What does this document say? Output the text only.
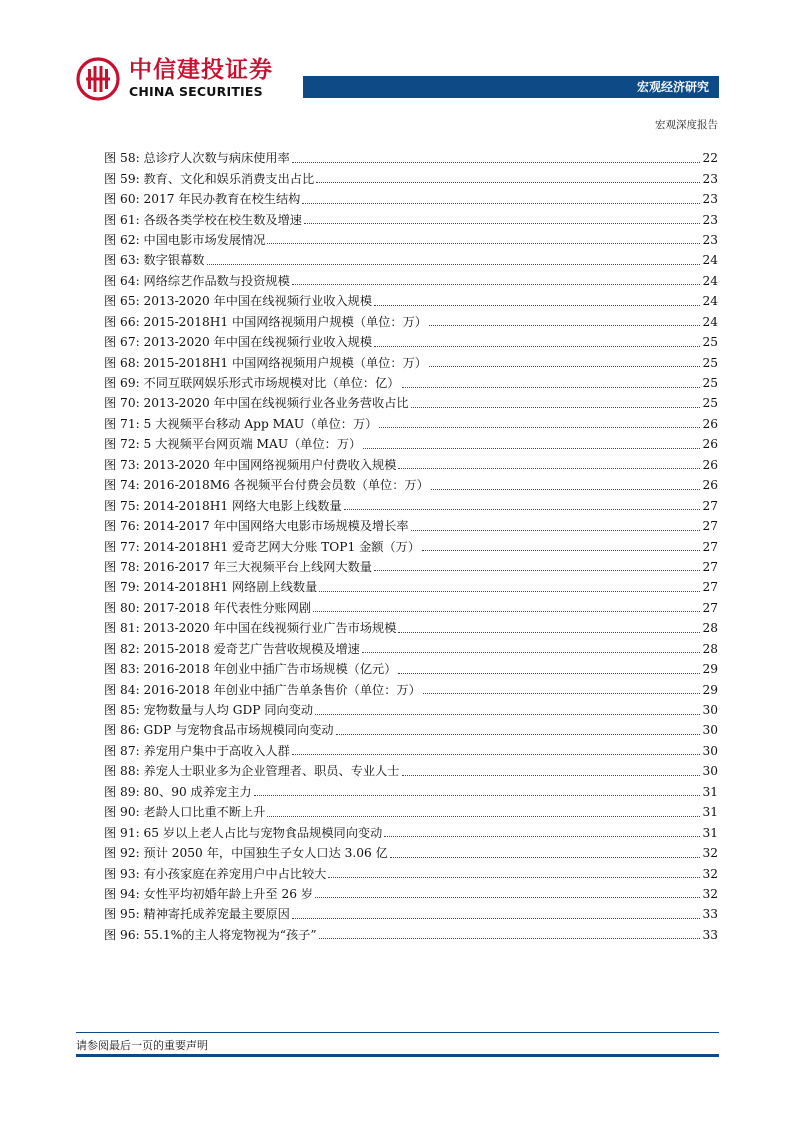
中信建投证券
CHINA SECURITIES	宏观经济研究
宏观深度报告
图 58: 总诊疗人次数与病床使用率	22
图 59: 教育、文化和娱乐消费支出占比	23
图 60: 2017 年民办教育在校生结构	23
图 61: 各级各类学校在校生数及增速	23
图 62: 中国电影市场发展情况	23
图 63: 数字银幕数	24
图 64: 网络综艺作品数与投资规模	24
图 65: 2013-2020 年中国在线视频行业收入规模	24
图 66: 2015-2018H1 中国网络视频用户规模（单位：万）	24
图 67: 2013-2020 年中国在线视频行业收入规模	25
图 68: 2015-2018H1 中国网络视频用户规模（单位：万）	25
图 69: 不同互联网娱乐形式市场规模对比（单位：亿）	25
图 70: 2013-2020 年中国在线视频行业各业务营收占比	25
图 71: 5 大视频平台移动 App MAU（单位：万）	26
图 72: 5 大视频平台网页端 MAU（单位：万）	26
图 73: 2013-2020 年中国网络视频用户付费收入规模	26
图 74: 2016-2018M6 各视频平台付费会员数（单位：万）	26
图 75: 2014-2018H1 网络大电影上线数量	27
图 76: 2014-2017 年中国网络大电影市场规模及增长率	27
图 77: 2014-2018H1 爱奇艺网大分账 TOP1 金额（万）	27
图 78: 2016-2017 年三大视频平台上线网大数量	27
图 79: 2014-2018H1 网络剧上线数量	27
图 80: 2017-2018 年代表性分账网剧	27
图 81: 2013-2020 年中国在线视频行业广告市场规模	28
图 82: 2015-2018 爱奇艺广告营收规模及增速	28
图 83: 2016-2018 年创业中插广告市场规模（亿元）	29
图 84: 2016-2018 年创业中插广告单条售价（单位：万）	29
图 85: 宠物数量与人均 GDP 同向变动	30
图 86: GDP 与宠物食品市场规模同向变动	30
图 87: 养宠用户集中于高收入人群	30
图 88: 养宠人士职业多为企业管理者、职员、专业人士	30
图 89: 80、90 成养宠主力	31
图 90: 老龄人口比重不断上升	31
图 91: 65 岁以上老人占比与宠物食品规模同向变动	31
图 92: 预计 2050 年，中国独生子女人口达 3.06 亿	32
图 93: 有小孩家庭在养宠用户中占比较大	32
图 94: 女性平均初婚年龄上升至 26 岁	32
图 95: 精神寄托成养宠最主要原因	33
图 96: 55.1%的主人将宠物视为“孩子”	33
请参阅最后一页的重要声明
